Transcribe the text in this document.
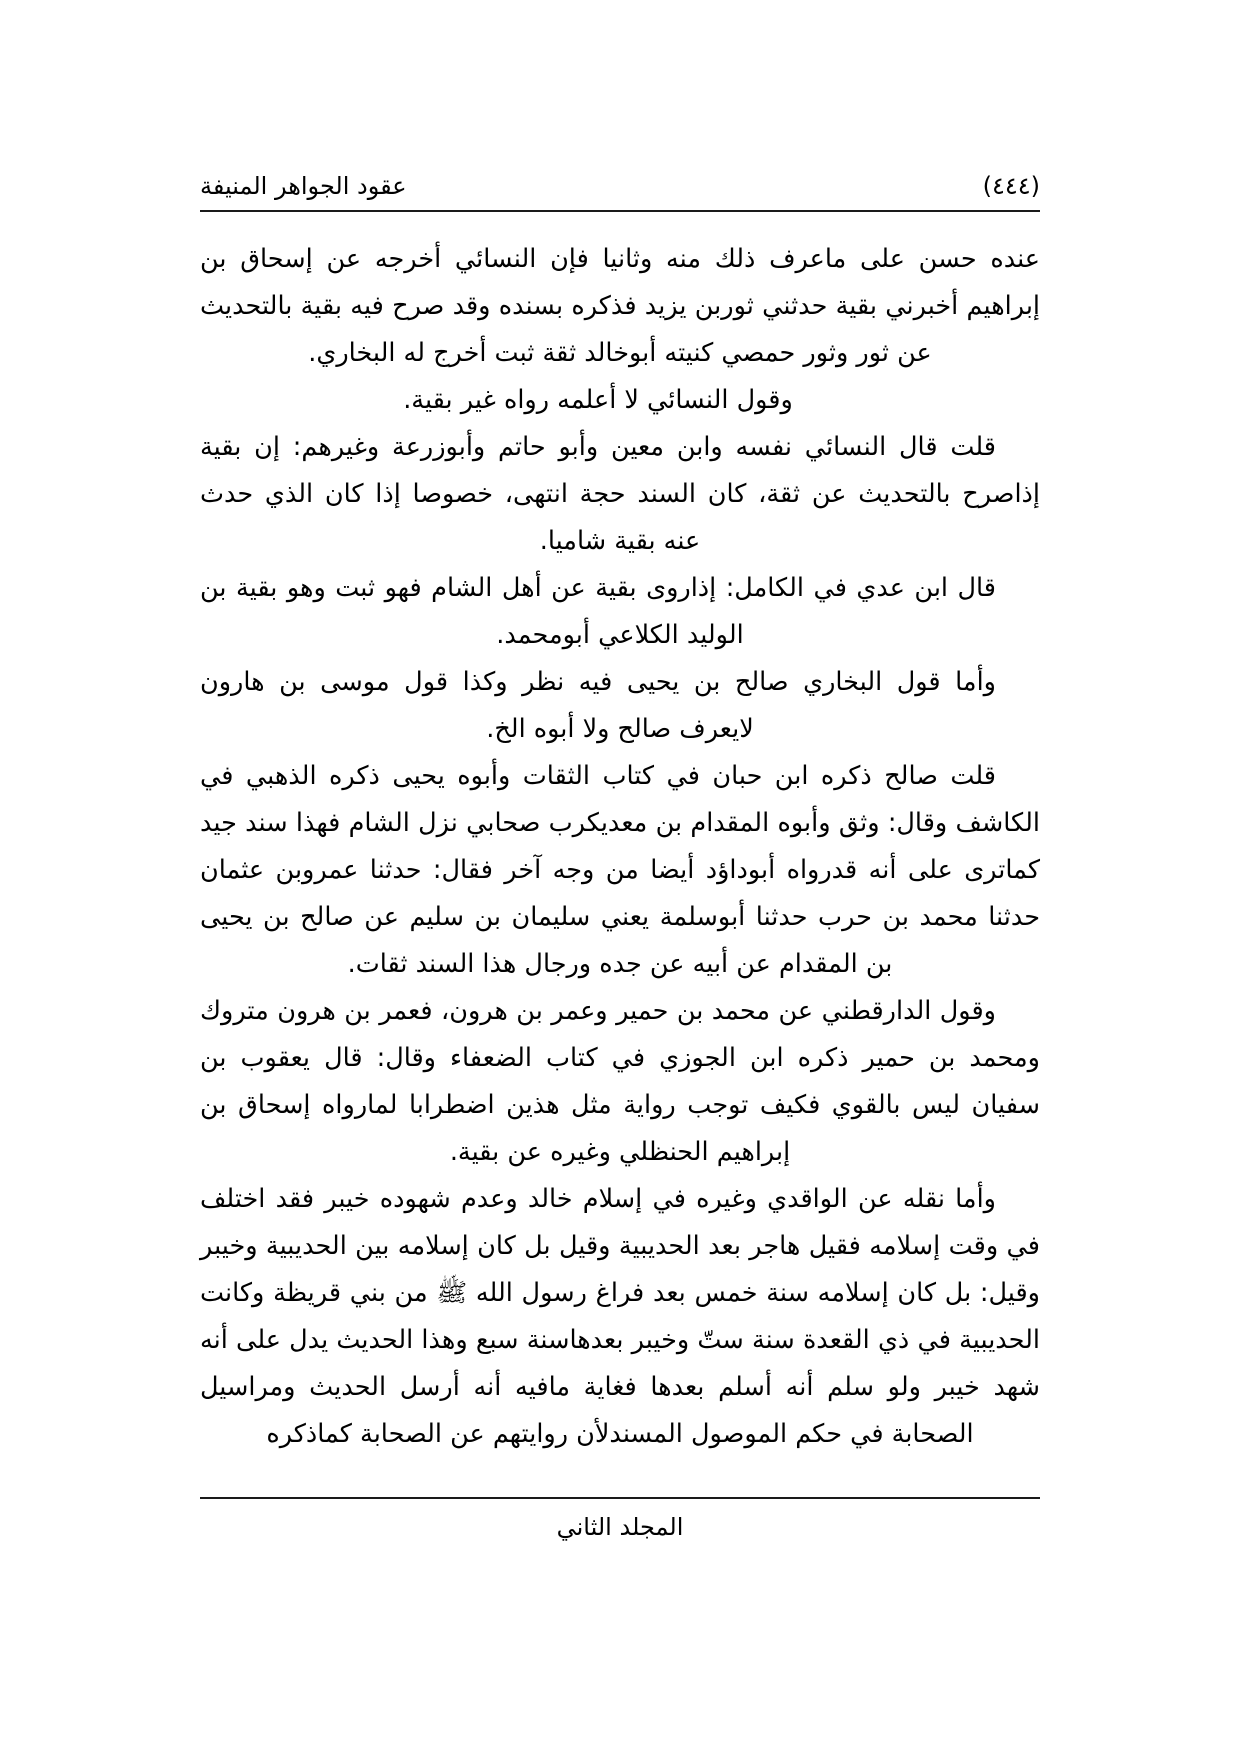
عقود الجواهر المنيفة	(٤٤٤)

عنده حسن على ماعرف ذلك منه وثانيا فإن النسائي أخرجه عن إسحاق بن إبراهيم أخبرني بقية حدثني ثوربن يزيد فذكره بسنده وقد صرح فيه بقية بالتحديث عن ثور وثور حمصي كنيته أبوخالد ثقة ثبت أخرج له البخاري.

وقول النسائي لا أعلمه رواه غير بقية.

قلت قال النسائي نفسه وابن معين وأبو حاتم وأبوزرعة وغيرهم: إن بقية إذاصرح بالتحديث عن ثقة، كان السند حجة انتهى، خصوصا إذا كان الذي حدث عنه بقية شاميا.

قال ابن عدي في الكامل: إذاروى بقية عن أهل الشام فهو ثبت وهو بقية بن الوليد الكلاعي أبومحمد.

وأما قول البخاري صالح بن يحيى فيه نظر وكذا قول موسى بن هارون لايعرف صالح ولا أبوه الخ.

قلت صالح ذكره ابن حبان في كتاب الثقات وأبوه يحيى ذكره الذهبي في الكاشف وقال: وثق وأبوه المقدام بن معديكرب صحابي نزل الشام فهذا سند جيد كماترى على أنه قدرواه أبوداؤد أيضا من وجه آخر فقال: حدثنا عمروبن عثمان حدثنا محمد بن حرب حدثنا أبوسلمة يعني سليمان بن سليم عن صالح بن يحيى بن المقدام عن أبيه عن جده ورجال هذا السند ثقات.

وقول الدارقطني عن محمد بن حمير وعمر بن هرون، فعمر بن هرون متروك ومحمد بن حمير ذكره ابن الجوزي في كتاب الضعفاء وقال: قال يعقوب بن سفيان ليس بالقوي فكيف توجب رواية مثل هذين اضطرابا لمارواه إسحاق بن إبراهيم الحنظلي وغيره عن بقية.

وأما نقله عن الواقدي وغيره في إسلام خالد وعدم شهوده خيبر فقد اختلف في وقت إسلامه فقيل هاجر بعد الحديبية وقيل بل كان إسلامه بين الحديبية وخيبر وقيل: بل كان إسلامه سنة خمس بعد فراغ رسول الله ﷺ من بني قريظة وكانت الحديبية في ذي القعدة سنة ستّ وخيبر بعدهاسنة سبع وهذا الحديث يدل على أنه شهد خيبر ولو سلم أنه أسلم بعدها فغاية مافيه أنه أرسل الحديث ومراسيل الصحابة في حكم الموصول المسندلأن روايتهم عن الصحابة كماذكره

المجلد الثاني
